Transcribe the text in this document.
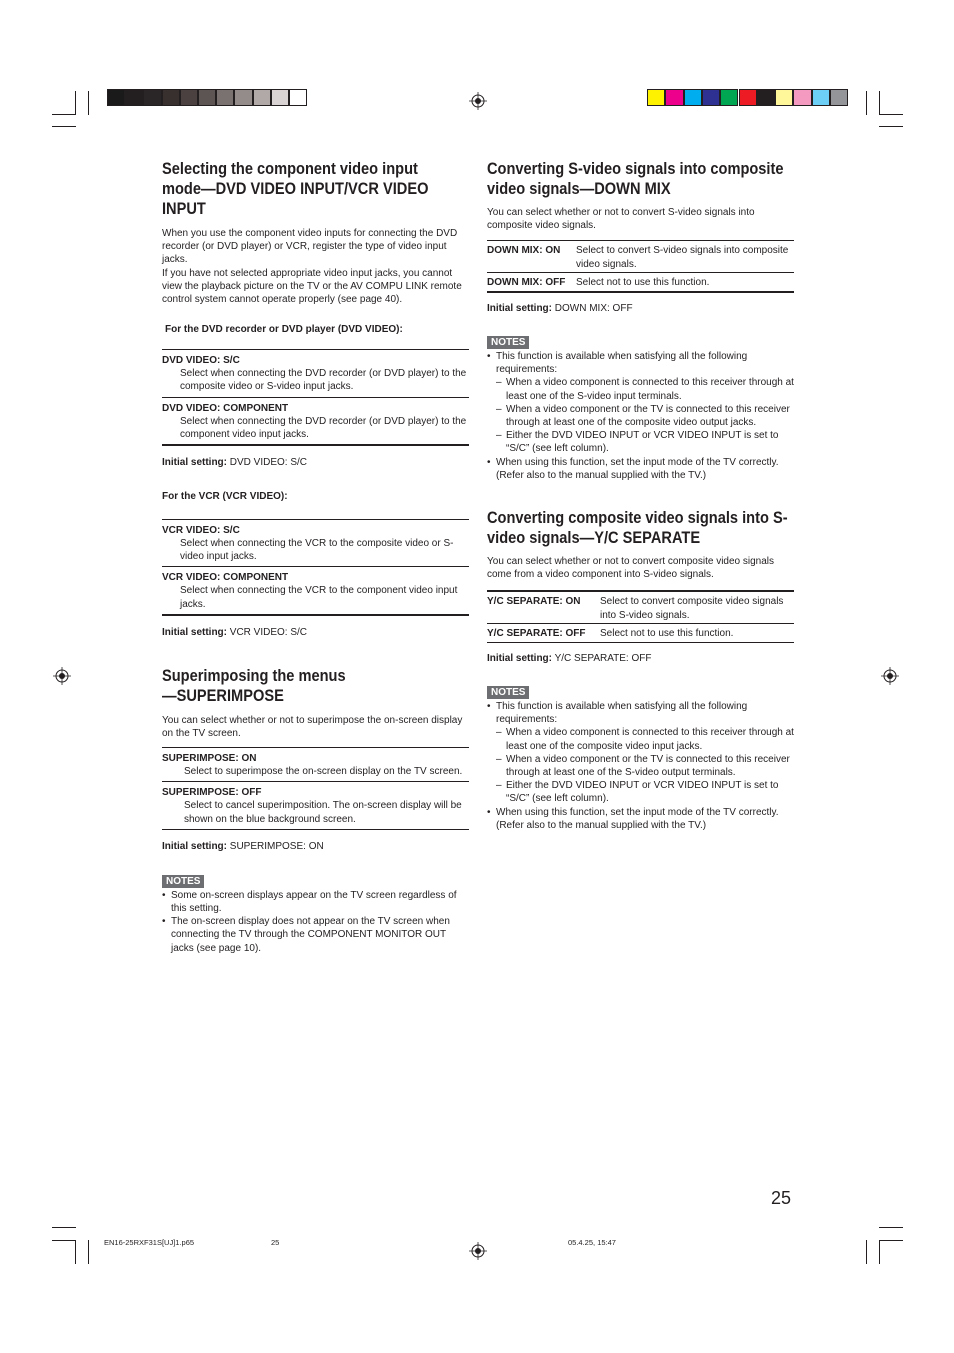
Selecting the component video input
mode—DVD VIDEO INPUT/VCR VIDEO
INPUT

When you use the component video inputs for connecting the DVD recorder (or DVD player) or VCR, register the type of video input jacks.

If you have not selected appropriate video input jacks, you cannot view the playback picture on the TV or the AV COMPU LINK remote control system cannot operate properly (see page 40).

For the DVD recorder or DVD player (DVD VIDEO):
DVD VIDEO: S/C
Select when connecting the DVD recorder (or DVD player) to the composite video or S-video input jacks.
DVD VIDEO: COMPONENT
Select when connecting the DVD recorder (or DVD player) to the component video input jacks.
Initial setting: DVD VIDEO: S/C
For the VCR (VCR VIDEO):
VCR VIDEO: S/C
Select when connecting the VCR to the composite video or S-video input jacks.
VCR VIDEO: COMPONENT
Select when connecting the VCR to the component video input jacks.
Initial setting: VCR VIDEO: S/C
Superimposing the menus
—SUPERIMPOSE

You can select whether or not to superimpose the on-screen display on the TV screen.

SUPERIMPOSE: ON
Select to superimpose the on-screen display on the TV screen.
SUPERIMPOSE: OFF
Select to cancel superimposition. The on-screen display will be shown on the blue background screen.
Initial setting: SUPERIMPOSE: ON
NOTES
• Some on-screen displays appear on the TV screen regardless of this setting.
• The on-screen display does not appear on the TV screen when connecting the TV through the COMPONENT MONITOR OUT jacks (see page 10).
Converting S-video signals into composite
video signals—DOWN MIX

You can select whether or not to convert S-video signals into composite video signals.

DOWN MIX: ON	Select to convert S-video signals into composite video signals.
DOWN MIX: OFF	Select not to use this function.
Initial setting: DOWN MIX: OFF
NOTES
• This function is available when satisfying all the following requirements:
– When a video component is connected to this receiver through at least one of the S-video input terminals.
– When a video component or the TV is connected to this receiver through at least one of the composite video output jacks.
– Either the DVD VIDEO INPUT or VCR VIDEO INPUT is set to “S/C” (see left column).
• When using this function, set the input mode of the TV correctly. (Refer also to the manual supplied with the TV.)
Converting composite video signals into S-
video signals—Y/C SEPARATE

You can select whether or not to convert composite video signals come from a video component into S-video signals.

Y/C SEPARATE: ON	Select to convert composite video signals into S-video signals.
Y/C SEPARATE: OFF	Select not to use this function.
Initial setting: Y/C SEPARATE: OFF
NOTES
• This function is available when satisfying all the following requirements:
– When a video component is connected to this receiver through at least one of the composite video input jacks.
– When a video component or the TV is connected to this receiver through at least one of the S-video output terminals.
– Either the DVD VIDEO INPUT or VCR VIDEO INPUT is set to “S/C” (see left column).
• When using this function, set the input mode of the TV correctly. (Refer also to the manual supplied with the TV.)
25
EN16-25RXF31S[UJ]1.p65	25	05.4.25, 15:47
